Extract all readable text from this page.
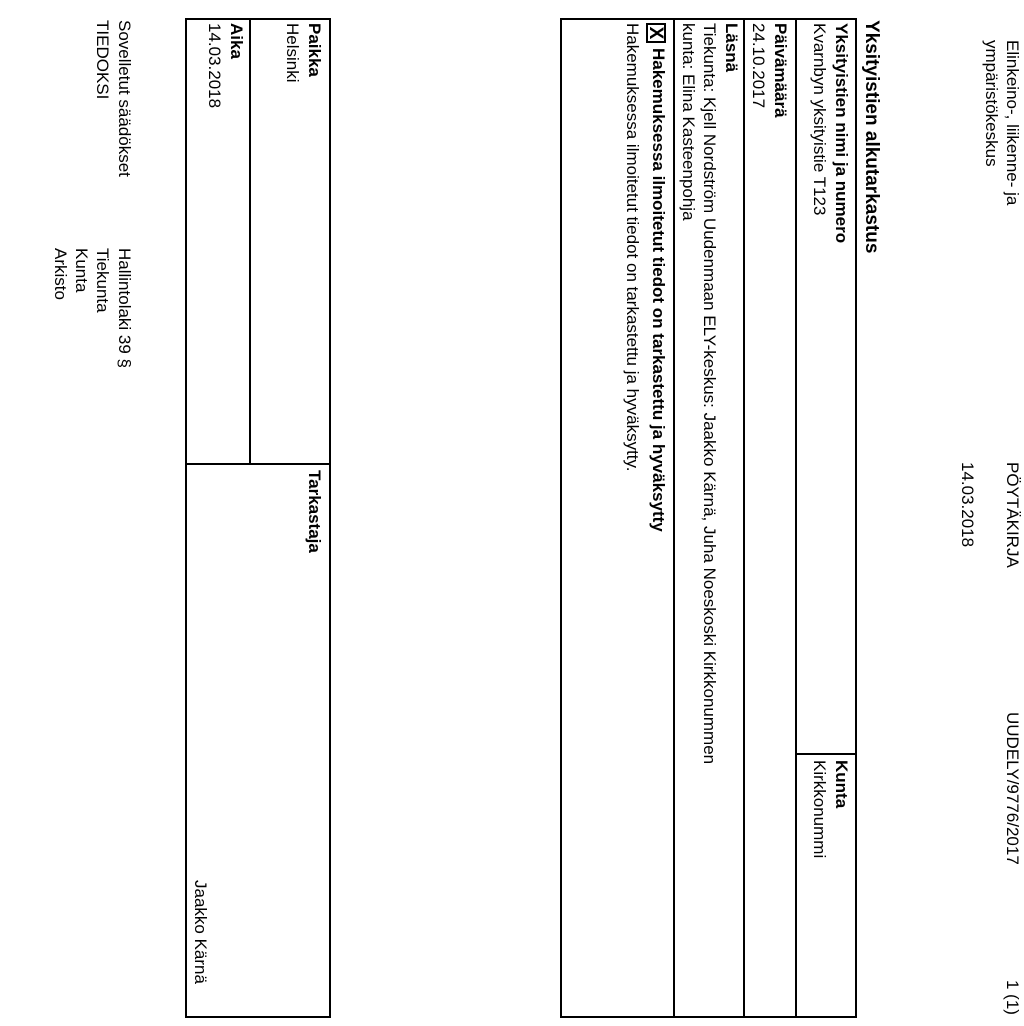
Elinkeino-, liikenne- ja
ympäristökeskus
PÖYTÄKIRJA
14.03.2018
UUDELY/9776/2017
1 (1)
Yksityistien alkutarkastus
Yksityistien nimi ja numero
Kvarnbyn yksityistie T123
Kunta
Kirkkonummi
Päivämäärä
24.10.2017
Läsnä
Tiekunta: Kjell Nordström Uudenmaan ELY-keskus: Jaakko Kärnä, Juha Noeskoski Kirkkonummen
kunta: Elina Kasteenpohja
XHakemuksessa ilmoitetut tiedot on tarkastettu ja hyväksytty
Hakemuksessa ilmoitetut tiedot on tarkastettu ja hyväksytty.
Paikka
Helsinki
Aika
14.03.2018
Tarkastaja
Jaakko Kärnä
Sovelletut säädökset
Hallintolaki 39 §
TIEDOKSI
Tiekunta
Kunta
Arkisto
